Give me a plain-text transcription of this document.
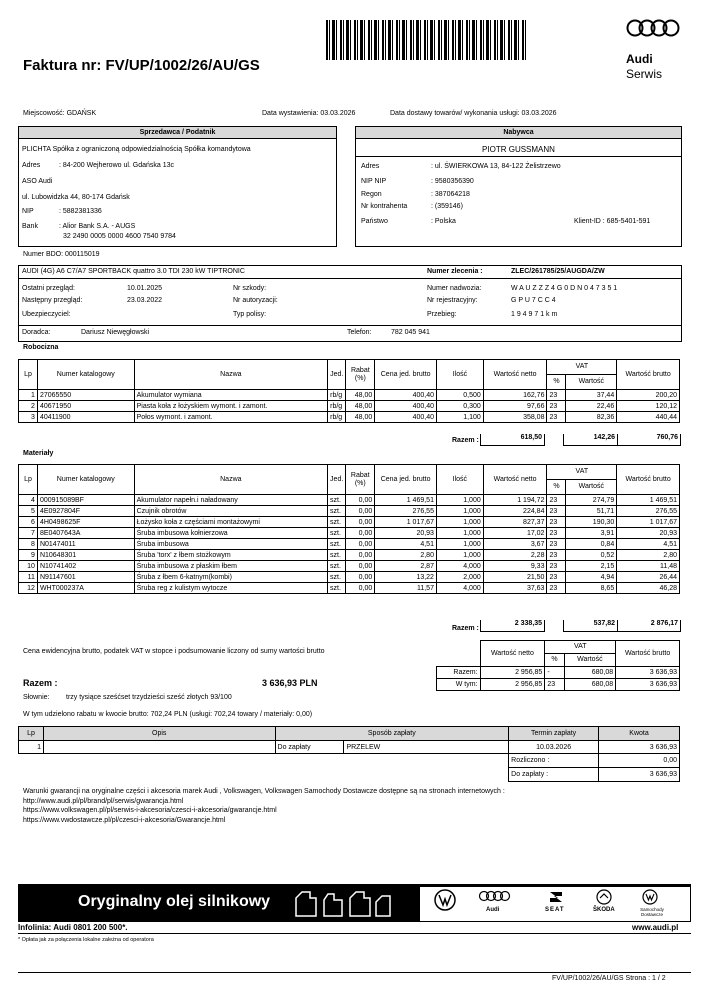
Faktura nr: FV/UP/1002/26/AU/GS	Audi
Serwis
Miejscowość: GDAŃSK	Data wystawienia: 03.03.2026	Data dostawy towarów/ wykonania usługi: 03.03.2026
Sprzedawca / Podatnik
PLICHTA Spółka z ograniczoną odpowiedzialnością Spółka komandytowa
Adres	: 84-200 Wejherowo ul. Gdańska 13c
ASO Audi
ul. Lubowidzka 44, 80-174 Gdańsk
NIP	: 5882381336
Bank	: Alior Bank S.A. - AUGS
32 2490 0005 0000 4600 7540 9784
Nabywca
PIOTR GUSSMANN
Adres	: ul. ŚWIERKOWA 13, 84-122 Żelistrzewo
NIP NIP	: 9580356390
Regon	: 387064218
Nr kontrahenta	: (359146)
Państwo	: Polska	Klient-ID : 685-5401-591
Numer BDO: 000115019
AUDI (4G) A6 C7/A7 SPORTBACK quattro 3.0 TDI 230 kW TIPTRONIC	Numer zlecenia :	ZLEC/261785/25/AUGDA/ZW
Ostatni przegląd:	10.01.2025	Nr szkody:	Numer nadwozia:	W A U Z Z Z 4 G 0 D N 0 4 7 3 5 1
Następny przegląd:	23.03.2022	Nr autoryzacji:	Nr rejestracyjny:	G P U 7 C C 4
Ubezpieczyciel:	Typ polisy:	Przebieg:	1 9 4 9 7 1 k m
Doradca:	Dariusz Niewęgłowski	Telefon:	782 045 941
Robocizna
Lp	Numer katalogowy	Nazwa	Jed.	Rabat (%)	Cena jed. brutto	Ilość	Wartość netto	VAT		Wartość brutto
								%	Wartość	
1	27065550	Akumulator wymiana	rb/g	48,00	400,40	0,500	162,76	23	37,44	200,20
2	40671950	Piasta koła z łożyskiem wymont. i zamont.	rb/g	48,00	400,40	0,300	97,66	23	22,46	120,12
3	40411900	Połos wymont. i zamont.	rb/g	48,00	400,40	1,100	358,08	23	82,36	440,44
Razem :	618,50	142,26	760,76
Materiały
Lp	Numer katalogowy	Nazwa	Jed.	Rabat (%)	Cena jed. brutto	Ilość	Wartość netto	VAT		Wartość brutto
								%	Wartość	
4	000915089BF	Akumulator napełn.i naładowany	szt.	0,00	1 469,51	1,000	1 194,72	23	274,79	1 469,51
5	4E0927804F	Czujnik obrotów	szt.	0,00	276,55	1,000	224,84	23	51,71	276,55
6	4H0498625F	Łożysko koła z częściami montażowymi	szt.	0,00	1 017,67	1,000	827,37	23	190,30	1 017,67
7	8E0407643A	Śruba imbusowa kołnierzowa	szt.	0,00	20,93	1,000	17,02	23	3,91	20,93
8	N01474011	Śruba imbusowa	szt.	0,00	4,51	1,000	3,67	23	0,84	4,51
9	N10648301	Śruba 'torx' z łbem stożkowym	szt.	0,00	2,80	1,000	2,28	23	0,52	2,80
10	N10741402	Śruba imbusowa z płaskim łbem	szt.	0,00	2,87	4,000	9,33	23	2,15	11,48
11	N91147601	Śruba z łbem 6-katnym(kombi)	szt.	0,00	13,22	2,000	21,50	23	4,94	26,44
12	WHT000237A	Śruba reg z kulistym wytocze	szt.	0,00	11,57	4,000	37,63	23	8,65	46,28
Razem :
2 338,35	537,82	2 876,17
Cena ewidencyjna brutto, podatek VAT w stopce i podsumowanie liczony od sumy wartości brutto
		Wartość netto	VAT		Wartość brutto
		%	Wartość	
Razem:	2 956,85	-	680,08	3 636,93
W tym:	2 956,85	23	680,08	3 636,93
Razem :	3 636,93 PLN
Słownie: trzy tysiące sześćset trzydzieści sześć złotych 93/100
W tym udzielono rabatu w kwocie brutto: 702,24 PLN (usługi: 702,24 towary / materiały: 0,00)
Lp	Opis	Sposób zapłaty		Termin zapłaty	Kwota
1		Do zapłaty	PRZELEW	10.03.2026	3 636,93
				Rozliczono :	0,00
				Do zapłaty :	3 636,93
Warunki gwarancji na oryginalne części i akcesoria marek Audi , Volkswagen, Volkswagen Samochody Dostawcze dostępne są na stronach internetowych :
http://www.audi.pl/pl/brand/pl/serwis/gwarancja.html
https://www.volkswagen.pl/pl/serwis-i-akcesoria/czesci-i-akcesoria/gwarancje.html
https://www.vwdostawcze.pl/pl/czesci-i-akcesoria/Gwarancje.html
Oryginalny olej silnikowy	Audi	SEAT	ŠKODA	Samochody Dostawcze
Infolinia: Audi 0801 200 500*.	www.audi.pl
* Opłata jak za połączenia lokalne zależna od operatora
FV/UP/1002/26/AU/GS Strona : 1 / 2
